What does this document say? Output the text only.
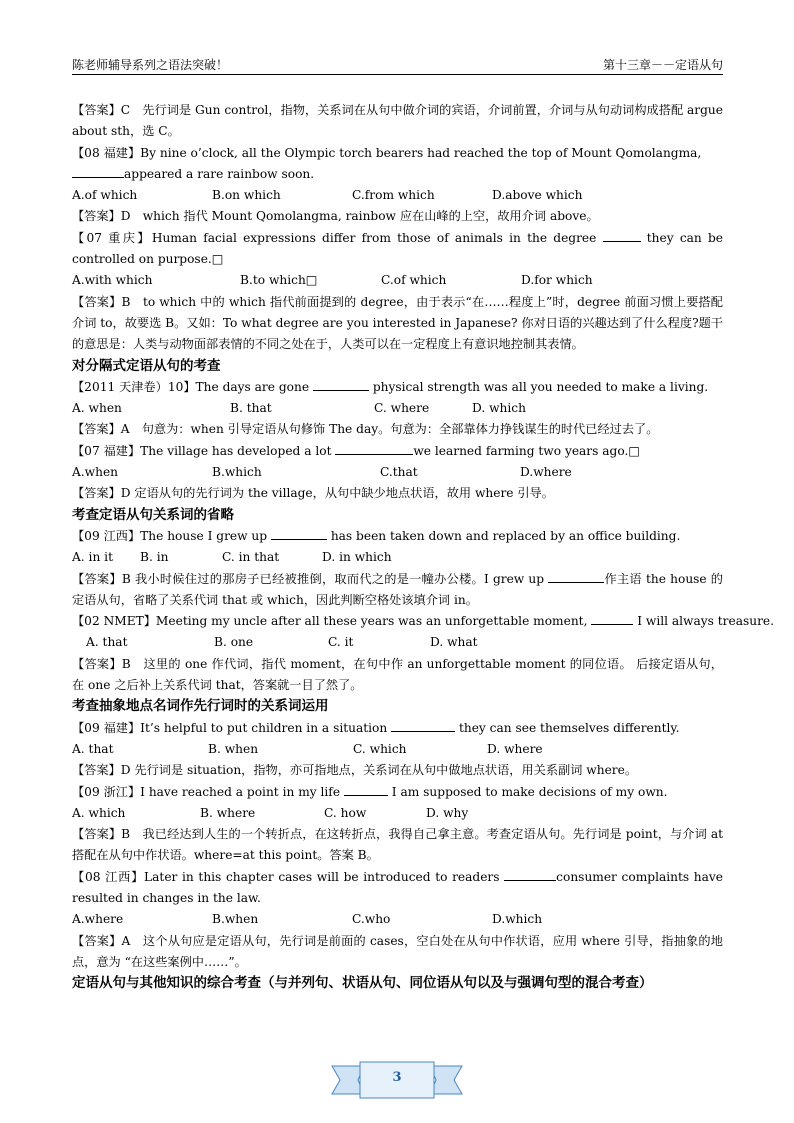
陈老师辅导系列之语法突破！	第十三章－－定语从句
【答案】C　先行词是 Gun control，指物，关系词在从句中做介词的宾语，介词前置，介词与从句动词构成搭配 argue about sth，选 C。
【08 福建】By nine o’clock, all the Olympic torch bearers had reached the top of Mount Qomolangma,
appeared a rare rainbow soon.
A.of which	B.on which	C.from which	D.above which
【答案】D　which 指代 Mount Qomolangma, rainbow 应在山峰的上空，故用介词 above。
【07 重庆】Human facial expressions differ from those of animals in the degree	they can be controlled on purpose.□
A.with which	B.to which□	C.of which	D.for which
【答案】B　to which 中的 which 指代前面提到的 degree，由于表示“在……程度上”时，degree 前面习惯上要搭配介词 to，故要选 B。又如：To what degree are you interested in Japanese? 你对日语的兴趣达到了什么程度?题干的意思是：人类与动物面部表情的不同之处在于，人类可以在一定程度上有意识地控制其表情。
对分隔式定语从句的考查
【2011 天津卷）10】The days are gone	physical strength was all you needed to make a living.
A. when	B. that	C. where	D. which
【答案】A　句意为：when 引导定语从句修饰 The day。句意为：全部靠体力挣钱谋生的时代已经过去了。
【07 福建】The village has developed a lot	we learned farming two years ago.□
A.when	B.which	C.that	D.where
【答案】D 定语从句的先行词为 the village，从句中缺少地点状语，故用 where 引导。
考查定语从句关系词的省略
【09 江西】The house I grew up	has been taken down and replaced by an office building.
A. in it	B. in	C. in that	D. in which
【答案】B 我小时候住过的那房子已经被推倒，取而代之的是一幢办公楼。I grew up	作主语 the house 的定语从句，省略了关系代词 that 或 which，因此判断空格处该填介词 in。
【02 NMET】Meeting my uncle after all these years was an unforgettable moment,	I will always treasure.
A. that	B. one	C. it	D. what
【答案】B　这里的 one 作代词，指代 moment，在句中作 an unforgettable moment 的同位语。 后接定语从句，在 one 之后补上关系代词 that，答案就一目了然了。
考查抽象地点名词作先行词时的关系词运用
【09 福建】It’s helpful to put children in a situation	they can see themselves differently.
A. that	B. when	C. which	D. where
【答案】D 先行词是 situation，指物，亦可指地点，关系词在从句中做地点状语，用关系副词 where。
【09 浙江】I have reached a point in my life	I am supposed to make decisions of my own.
A. which	B. where	C. how	D. why
【答案】B　我已经达到人生的一个转折点，在这转折点，我得自己拿主意。考查定语从句。先行词是 point，与介词 at 搭配在从句中作状语。where=at this point。答案 B。
【08 江西】Later in this chapter cases will be introduced to readers	consumer complaints have resulted in changes in the law.
A.where	B.when	C.who	D.which
【答案】A　这个从句应是定语从句，先行词是前面的 cases，空白处在从句中作状语，应用 where 引导，指抽象的地点，意为 “在这些案例中……”。
定语从句与其他知识的综合考查（与并列句、状语从句、同位语从句以及与强调句型的混合考查）
3
